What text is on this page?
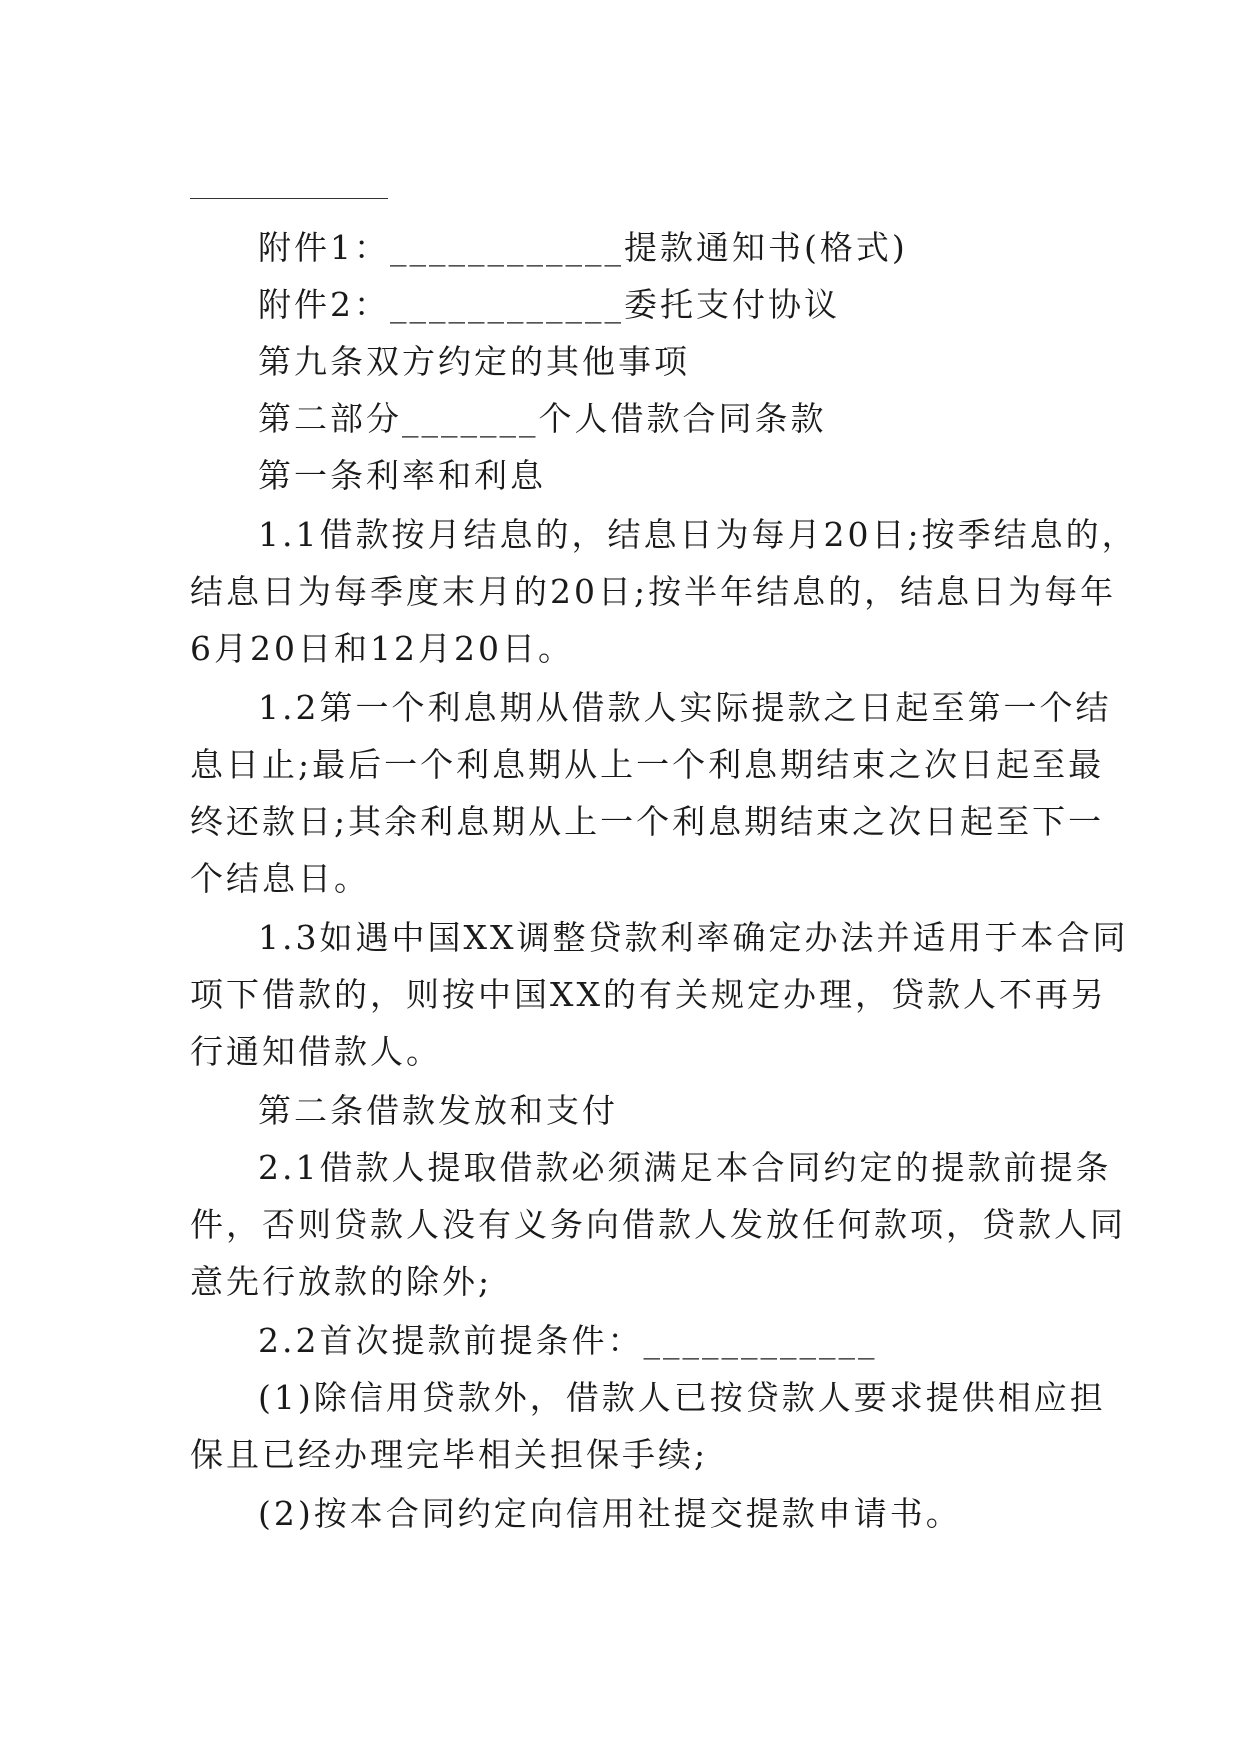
附件1：____________提款通知书(格式)
附件2：____________委托支付协议
第九条双方约定的其他事项
第二部分_______个人借款合同条款
第一条利率和利息
1.1借款按月结息的，结息日为每月20日;按季结息的，
结息日为每季度末月的20日;按半年结息的，结息日为每年
6月20日和12月20日。
1.2第一个利息期从借款人实际提款之日起至第一个结
息日止;最后一个利息期从上一个利息期结束之次日起至最
终还款日;其余利息期从上一个利息期结束之次日起至下一
个结息日。
1.3如遇中国XX调整贷款利率确定办法并适用于本合同
项下借款的，则按中国XX的有关规定办理，贷款人不再另
行通知借款人。
第二条借款发放和支付
2.1借款人提取借款必须满足本合同约定的提款前提条
件，否则贷款人没有义务向借款人发放任何款项，贷款人同
意先行放款的除外;
2.2首次提款前提条件：____________
(1)除信用贷款外，借款人已按贷款人要求提供相应担
保且已经办理完毕相关担保手续;
(2)按本合同约定向信用社提交提款申请书。
